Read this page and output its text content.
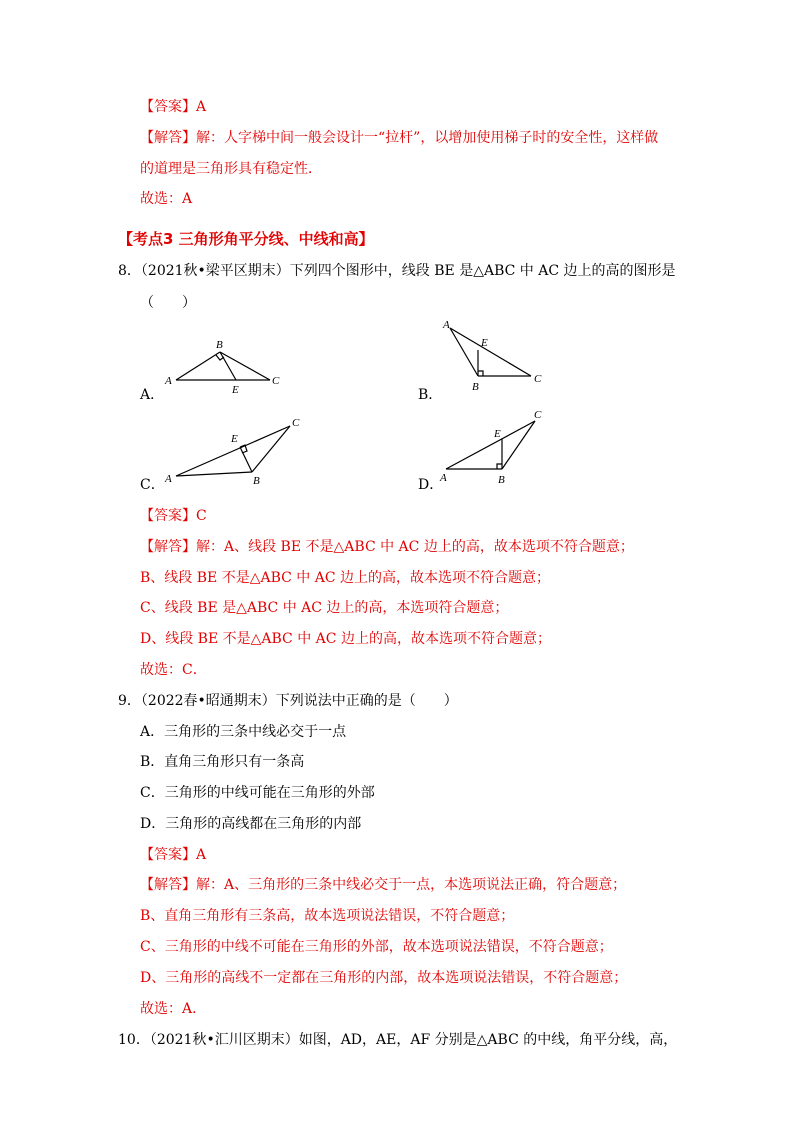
【答案】A
【解答】解：人字梯中间一般会设计一“拉杆”，以增加使用梯子时的安全性，这样做
的道理是三角形具有稳定性．
故选：A
【考点3 三角形角平分线、中线和高】
8．（2021秋•梁平区期末）下列四个图形中，线段 BE 是△ABC 中 AC 边上的高的图形是
（　　）
A．
A
B
C
E	B．
A
E
B
C
C． A
E
B
C
D．
A
E
B
C
【答案】C
【解答】解：A、线段 BE 不是△ABC 中 AC 边上的高，故本选项不符合题意；
B、线段 BE 不是△ABC 中 AC 边上的高，故本选项不符合题意；
C、线段 BE 是△ABC 中 AC 边上的高，本选项符合题意；
D、线段 BE 不是△ABC 中 AC 边上的高，故本选项不符合题意；
故选：C．
9．（2022春•昭通期末）下列说法中正确的是（　　）
A．三角形的三条中线必交于一点
B．直角三角形只有一条高
C．三角形的中线可能在三角形的外部
D．三角形的高线都在三角形的内部
【答案】A
【解答】解：A、三角形的三条中线必交于一点，本选项说法正确，符合题意；
B、直角三角形有三条高，故本选项说法错误，不符合题意；
C、三角形的中线不可能在三角形的外部，故本选项说法错误，不符合题意；
D、三角形的高线不一定都在三角形的内部，故本选项说法错误，不符合题意；
故选：A．
10．（2021秋•汇川区期末）如图，AD，AE，AF 分别是△ABC 的中线，角平分线，高，
